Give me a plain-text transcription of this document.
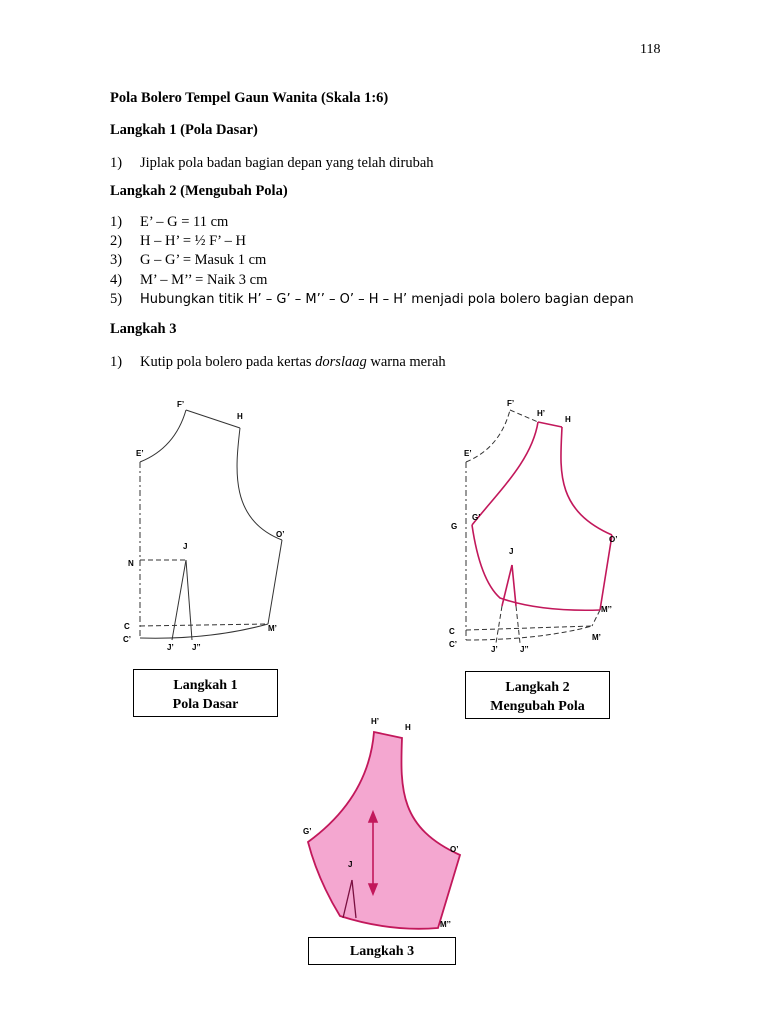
118
Pola Bolero Tempel Gaun Wanita (Skala 1:6)
Langkah 1 (Pola Dasar)
1) Jiplak pola badan bagian depan yang telah dirubah
Langkah 2 (Mengubah Pola)
1) E’ – G = 11 cm
2) H – H’ = ½ F’ – H
3) G – G’ = Masuk 1 cm
4) M’ – M’’ = Naik 3 cm
5) Hubungkan titik H’ – G’ – M’’ – O’ – H – H’ menjadi pola bolero bagian depan
Langkah 3
1) Kutip pola bolero pada kertas dorslaag warna merah
F’
H
E’
O’
J
N
C
C’
M’
J’ J’’
F’
H’
H
E’
G’
G
O’
J
M’’
C
C’
M’
J’	J’’
H’
H
G’
O’
J
M’’
Langkah 1
Pola Dasar
Langkah 2
Mengubah Pola
Langkah 3
